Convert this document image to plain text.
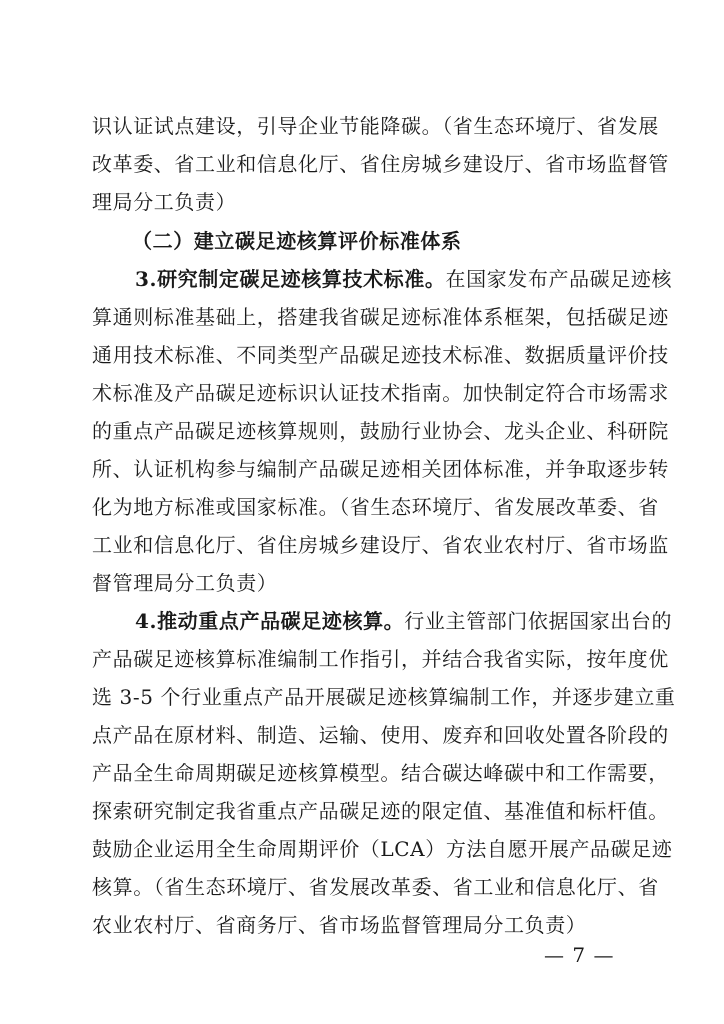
识认证试点建设，引导企业节能降碳。（省生态环境厅、省发展
改革委、省工业和信息化厅、省住房城乡建设厅、省市场监督管
理局分工负责）
（二）建立碳足迹核算评价标准体系
3.研究制定碳足迹核算技术标准。在国家发布产品碳足迹核
算通则标准基础上，搭建我省碳足迹标准体系框架，包括碳足迹
通用技术标准、不同类型产品碳足迹技术标准、数据质量评价技
术标准及产品碳足迹标识认证技术指南。加快制定符合市场需求
的重点产品碳足迹核算规则，鼓励行业协会、龙头企业、科研院
所、认证机构参与编制产品碳足迹相关团体标准，并争取逐步转
化为地方标准或国家标准。（省生态环境厅、省发展改革委、省
工业和信息化厅、省住房城乡建设厅、省农业农村厅、省市场监
督管理局分工负责）
4.推动重点产品碳足迹核算。行业主管部门依据国家出台的
产品碳足迹核算标准编制工作指引，并结合我省实际，按年度优
选 3-5 个行业重点产品开展碳足迹核算编制工作，并逐步建立重
点产品在原材料、制造、运输、使用、废弃和回收处置各阶段的
产品全生命周期碳足迹核算模型。结合碳达峰碳中和工作需要，
探索研究制定我省重点产品碳足迹的限定值、基准值和标杆值。
鼓励企业运用全生命周期评价（LCA）方法自愿开展产品碳足迹
核算。（省生态环境厅、省发展改革委、省工业和信息化厅、省
农业农村厅、省商务厅、省市场监督管理局分工负责）
— 7 —
